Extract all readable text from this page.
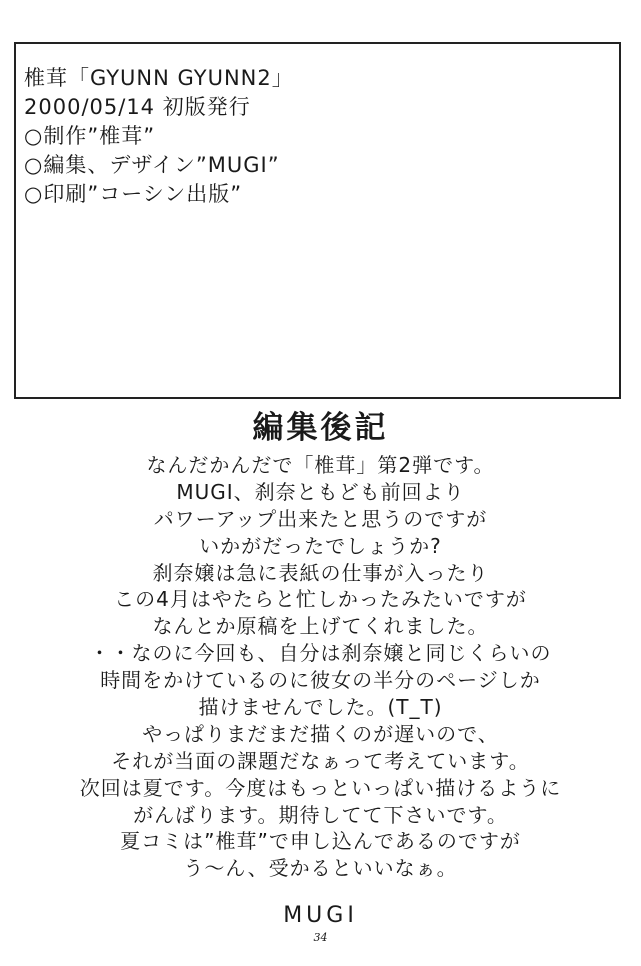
椎茸「GYUNN GYUNN2」
2000/05/14 初版発行
○制作”椎茸”
○編集、デザイン”MUGI”
○印刷”コーシン出版”
編集後記
なんだかんだで「椎茸」第2弾です。
MUGI、刹奈ともども前回より
パワーアップ出来たと思うのですが
いかがだったでしょうか?
刹奈嬢は急に表紙の仕事が入ったり
この4月はやたらと忙しかったみたいですが
なんとか原稿を上げてくれました。
・・なのに今回も、自分は刹奈嬢と同じくらいの
時間をかけているのに彼女の半分のページしか
描けませんでした。(T_T)
やっぱりまだまだ描くのが遅いので、
それが当面の課題だなぁって考えています。
次回は夏です。今度はもっといっぱい描けるように
がんばります。期待してて下さいです。
夏コミは”椎茸”で申し込んであるのですが
う〜ん、受かるといいなぁ。
MUGI
34
